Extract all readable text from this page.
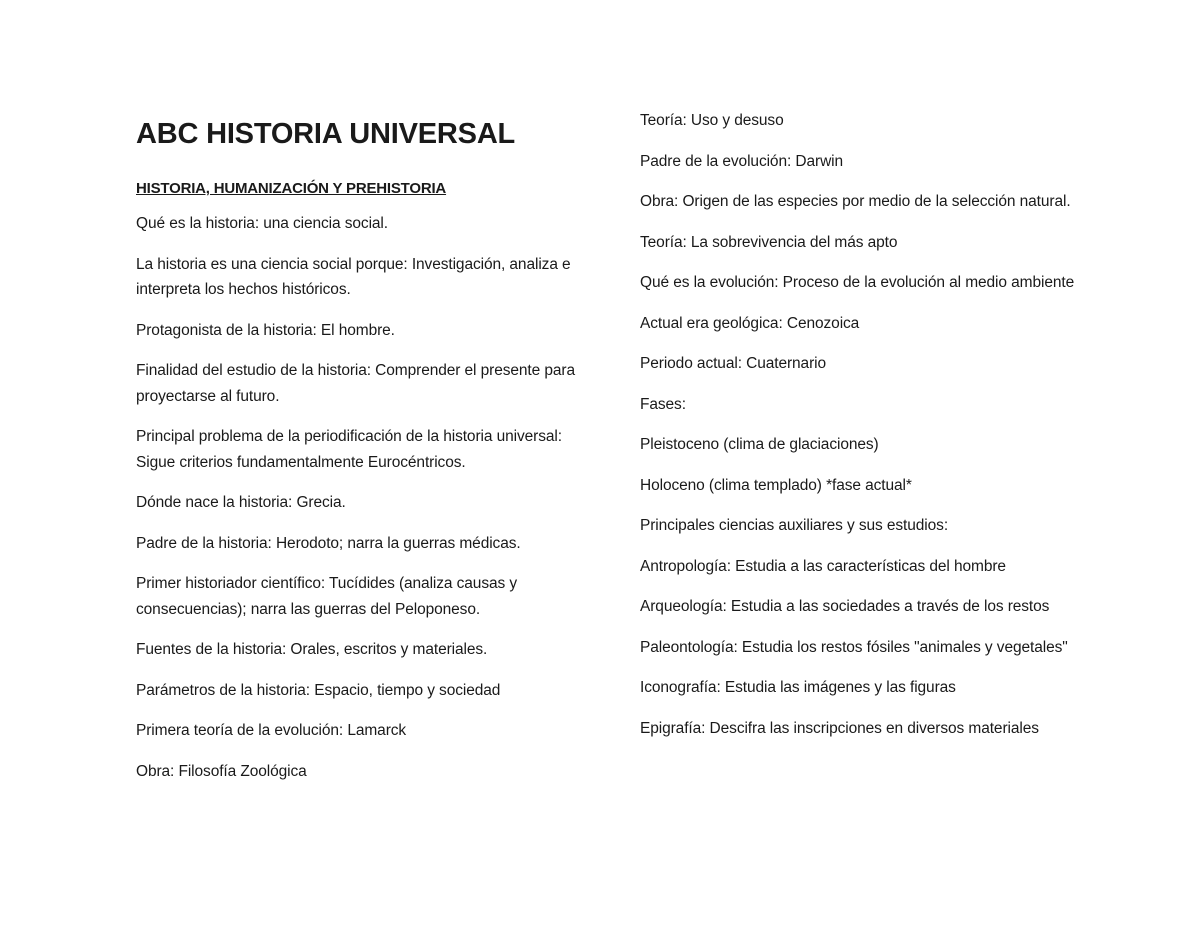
ABC HISTORIA UNIVERSAL
HISTORIA, HUMANIZACIÓN Y PREHISTORIA

Qué es la historia: una ciencia social.

La historia es una ciencia social porque: Investigación, analiza e interpreta los hechos históricos.

Protagonista de la historia: El hombre.

Finalidad del estudio de la historia: Comprender el presente para proyectarse al futuro.

Principal problema de la periodificación de la historia universal: Sigue criterios fundamentalmente Eurocéntricos.

Dónde nace la historia: Grecia.

Padre de la historia: Herodoto; narra la guerras médicas.

Primer historiador científico: Tucídides (analiza causas y consecuencias); narra las guerras del Peloponeso.

Fuentes de la historia: Orales, escritos y materiales.

Parámetros de la historia: Espacio, tiempo y sociedad

Primera teoría de la evolución: Lamarck

Obra: Filosofía Zoológica

Teoría: Uso y desuso

Padre de la evolución: Darwin

Obra: Origen de las especies por medio de la selección natural.

Teoría: La sobrevivencia del más apto

Qué es la evolución: Proceso de la evolución al medio ambiente

Actual era geológica: Cenozoica

Periodo actual: Cuaternario

Fases:

Pleistoceno (clima de glaciaciones)

Holoceno (clima templado) *fase actual*

Principales ciencias auxiliares y sus estudios:

Antropología: Estudia a las características del hombre

Arqueología: Estudia a las sociedades a través de los restos

Paleontología: Estudia los restos fósiles "animales y vegetales"

Iconografía: Estudia las imágenes y las figuras

Epigrafía: Descifra las inscripciones en diversos materiales
